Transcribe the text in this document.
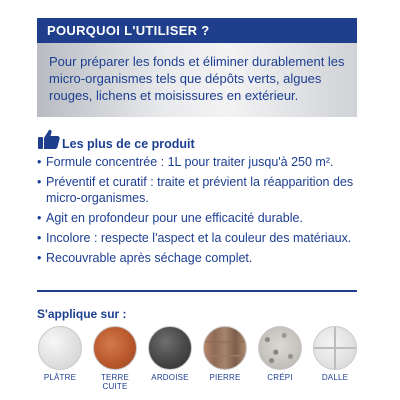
POURQUOI L'UTILISER ?
Pour préparer les fonds et éliminer durablement les micro-organismes tels que dépôts verts, algues rouges, lichens et moisissures en extérieur.
Les plus de ce produit
• Formule concentrée : 1L pour traiter jusqu'à 250 m².
• Préventif et curatif : traite et prévient la réapparition des micro-organismes.
• Agit en profondeur pour une efficacité durable.
• Incolore : respecte l'aspect et la couleur des matériaux.
• Recouvrable après séchage complet.
S'applique sur :
PLÂTRE	TERRE CUITE
ARDOISE	PIERRE	CRÉPI	DALLE
